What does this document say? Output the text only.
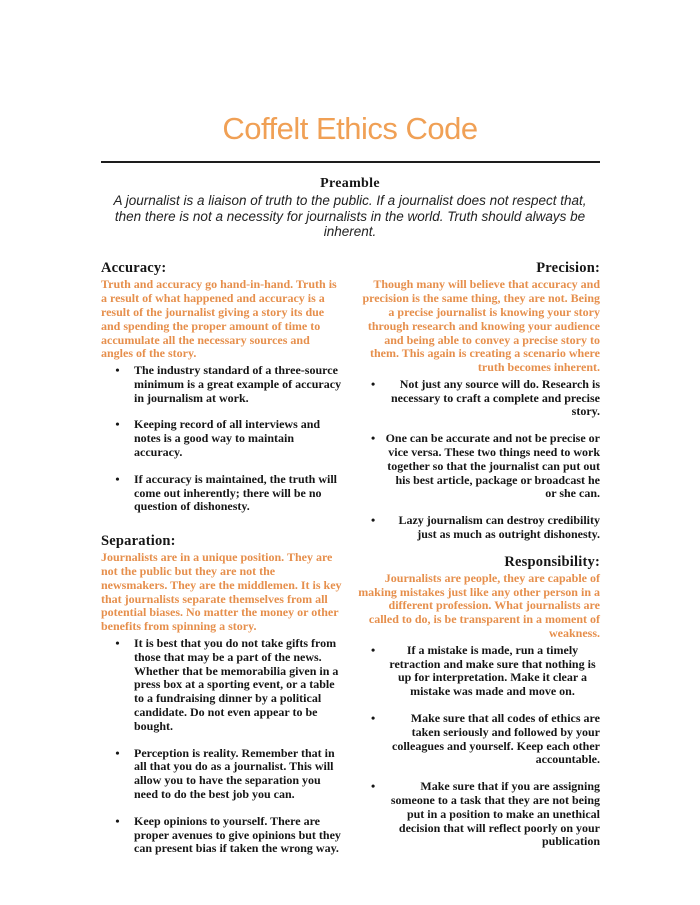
Coffelt Ethics Code
Preamble
A journalist is a liaison of truth to the public. If a journalist does not respect that, then there is not a necessity for journalists in the world. Truth should always be inherent.
Accuracy:
Truth and accuracy go hand-in-hand. Truth is a result of what happened and accuracy is a result of the journalist giving a story its due and spending the proper amount of time to accumulate all the necessary sources and angles of the story.
•	The industry standard of a three-source minimum is a great example of accuracy in journalism at work.
•	Keeping record of all interviews and notes is a good way to maintain accuracy.
•	If accuracy is maintained, the truth will come out inherently; there will be no question of dishonesty.
Separation:
Journalists are in a unique position. They are not the public but they are not the newsmakers. They are the middlemen. It is key that journalists separate themselves from all potential biases. No matter the money or other benefits from spinning a story.
•	It is best that you do not take gifts from those that may be a part of the news. Whether that be memorabilia given in a press box at a sporting event, or a table to a fundraising dinner by a political candidate. Do not even appear to be bought.
•	Perception is reality. Remember that in all that you do as a journalist. This will allow you to have the separation you need to do the best job you can.
•	Keep opinions to yourself. There are proper avenues to give opinions but they can present bias if taken the wrong way.
Precision:
Though many will believe that accuracy and precision is the same thing, they are not. Being a precise journalist is knowing your story through research and knowing your audience and being able to convey a precise story to them. This again is creating a scenario where truth becomes inherent.
•	Not just any source will do. Research is necessary to craft a complete and precise story.
• One can be accurate and not be precise or vice versa. These two things need to work together so that the journalist can put out his best article, package or broadcast he or she can.
•	Lazy journalism can destroy credibility just as much as outright dishonesty.
Responsibility:
Journalists are people, they are capable of making mistakes just like any other person in a different profession. What journalists are called to do, is be transparent in a moment of weakness.
•	If a mistake is made, run a timely retraction and make sure that nothing is up for interpretation. Make it clear a mistake was made and move on.
•	Make sure that all codes of ethics are taken seriously and followed by your colleagues and yourself. Keep each other accountable.
•	Make sure that if you are assigning someone to a task that they are not being put in a position to make an unethical decision that will reflect poorly on your publication
